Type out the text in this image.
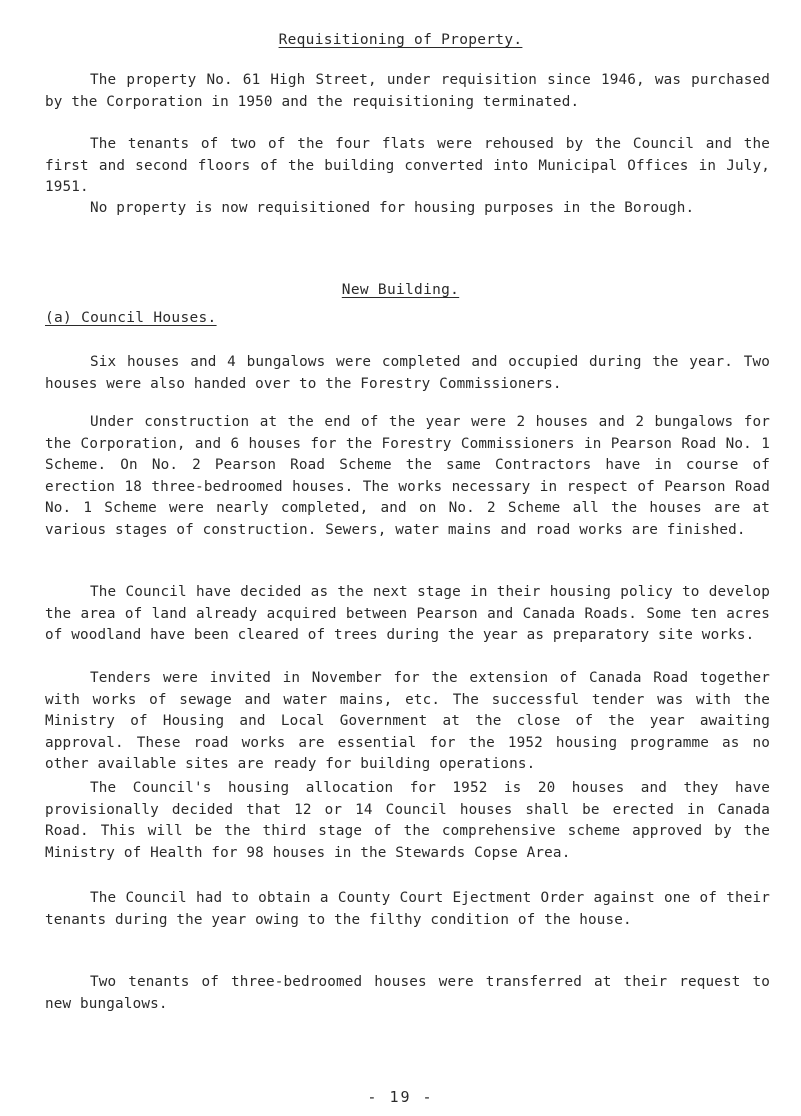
Requisitioning of Property.
The property No. 61 High Street, under requisition since 1946, was purchased by the Corporation in 1950 and the requisitioning terminated.
The tenants of two of the four flats were rehoused by the Council and the first and second floors of the building converted into Municipal Offices in July, 1951.
No property is now requisitioned for housing purposes in the Borough.
New Building.
(a) Council Houses.
Six houses and 4 bungalows were completed and occupied during the year. Two houses were also handed over to the Forestry Commissioners.
Under construction at the end of the year were 2 houses and 2 bungalows for the Corporation, and 6 houses for the Forestry Commissioners in Pearson Road No. 1 Scheme. On No. 2 Pearson Road Scheme the same Contractors have in course of erection 18 three-bedroomed houses. The works necessary in respect of Pearson Road No. 1 Scheme were nearly completed, and on No. 2 Scheme all the houses are at various stages of construction. Sewers, water mains and road works are finished.
The Council have decided as the next stage in their housing policy to develop the area of land already acquired between Pearson and Canada Roads. Some ten acres of woodland have been cleared of trees during the year as preparatory site works.
Tenders were invited in November for the extension of Canada Road together with works of sewage and water mains, etc. The successful tender was with the Ministry of Housing and Local Government at the close of the year awaiting approval. These road works are essential for the 1952 housing programme as no other available sites are ready for building operations.
The Council's housing allocation for 1952 is 20 houses and they have provisionally decided that 12 or 14 Council houses shall be erected in Canada Road. This will be the third stage of the comprehensive scheme approved by the Ministry of Health for 98 houses in the Stewards Copse Area.
The Council had to obtain a County Court Ejectment Order against one of their tenants during the year owing to the filthy condition of the house.
Two tenants of three-bedroomed houses were transferred at their request to new bungalows.
- 19 -
